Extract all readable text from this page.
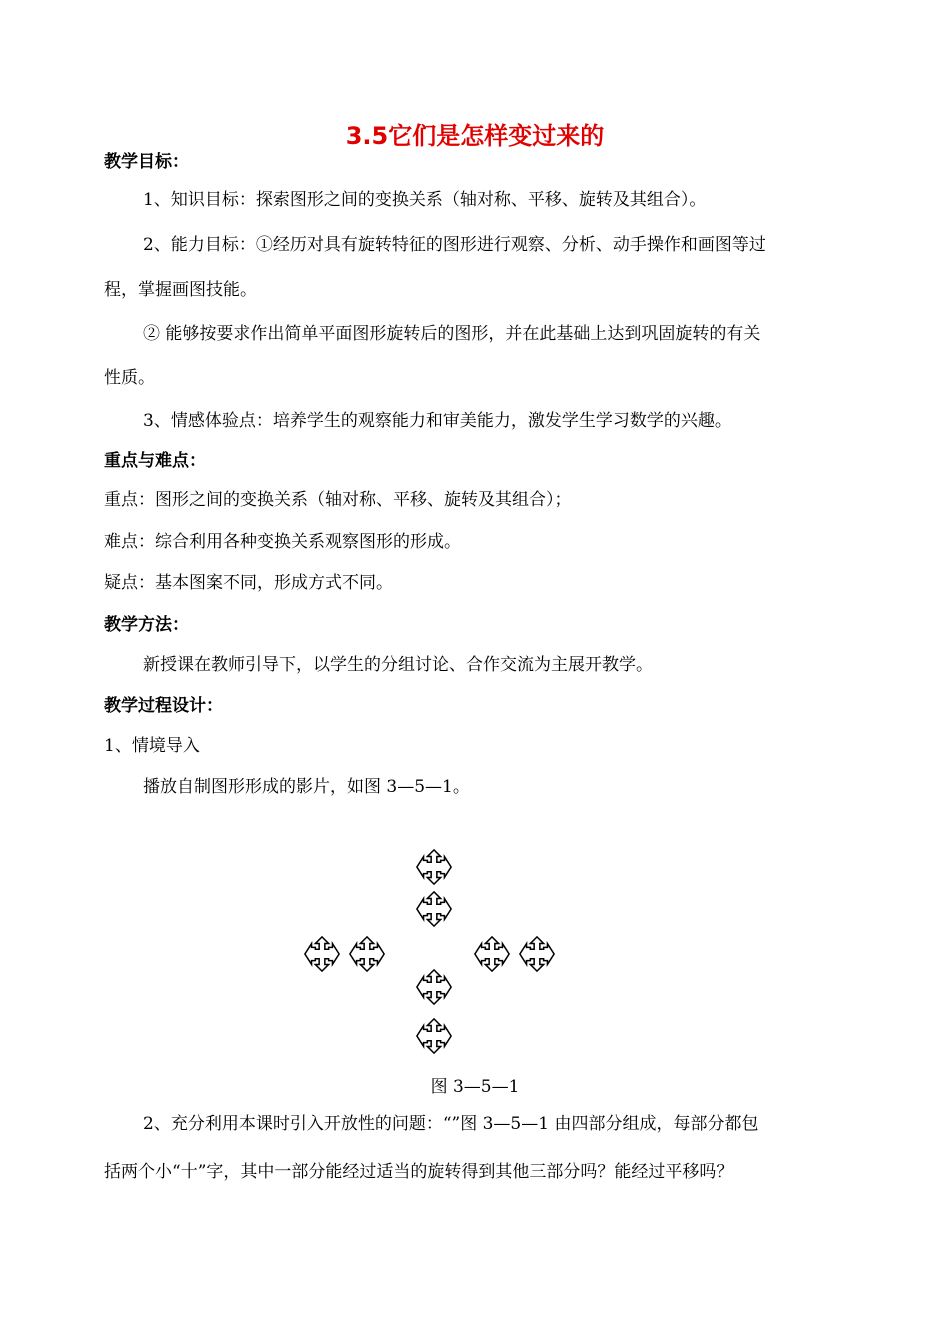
3.5它们是怎样变过来的
教学目标：
1、知识目标：探索图形之间的变换关系（轴对称、平移、旋转及其组合）。
2、能力目标：①经历对具有旋转特征的图形进行观察、分析、动手操作和画图等过
程，掌握画图技能。
② 能够按要求作出简单平面图形旋转后的图形，并在此基础上达到巩固旋转的有关
性质。
3、情感体验点：培养学生的观察能力和审美能力，激发学生学习数学的兴趣。
重点与难点：
重点：图形之间的变换关系（轴对称、平移、旋转及其组合）；
难点：综合利用各种变换关系观察图形的形成。
疑点：基本图案不同，形成方式不同。
教学方法：
新授课在教师引导下，以学生的分组讨论、合作交流为主展开教学。
教学过程设计：
1、情境导入
播放自制图形形成的影片，如图 3—5—1。
图 3—5—1
2、充分利用本课时引入开放性的问题：“”图 3—5—1 由四部分组成，每部分都包
括两个小“十”字，其中一部分能经过适当的旋转得到其他三部分吗？能经过平移吗？
